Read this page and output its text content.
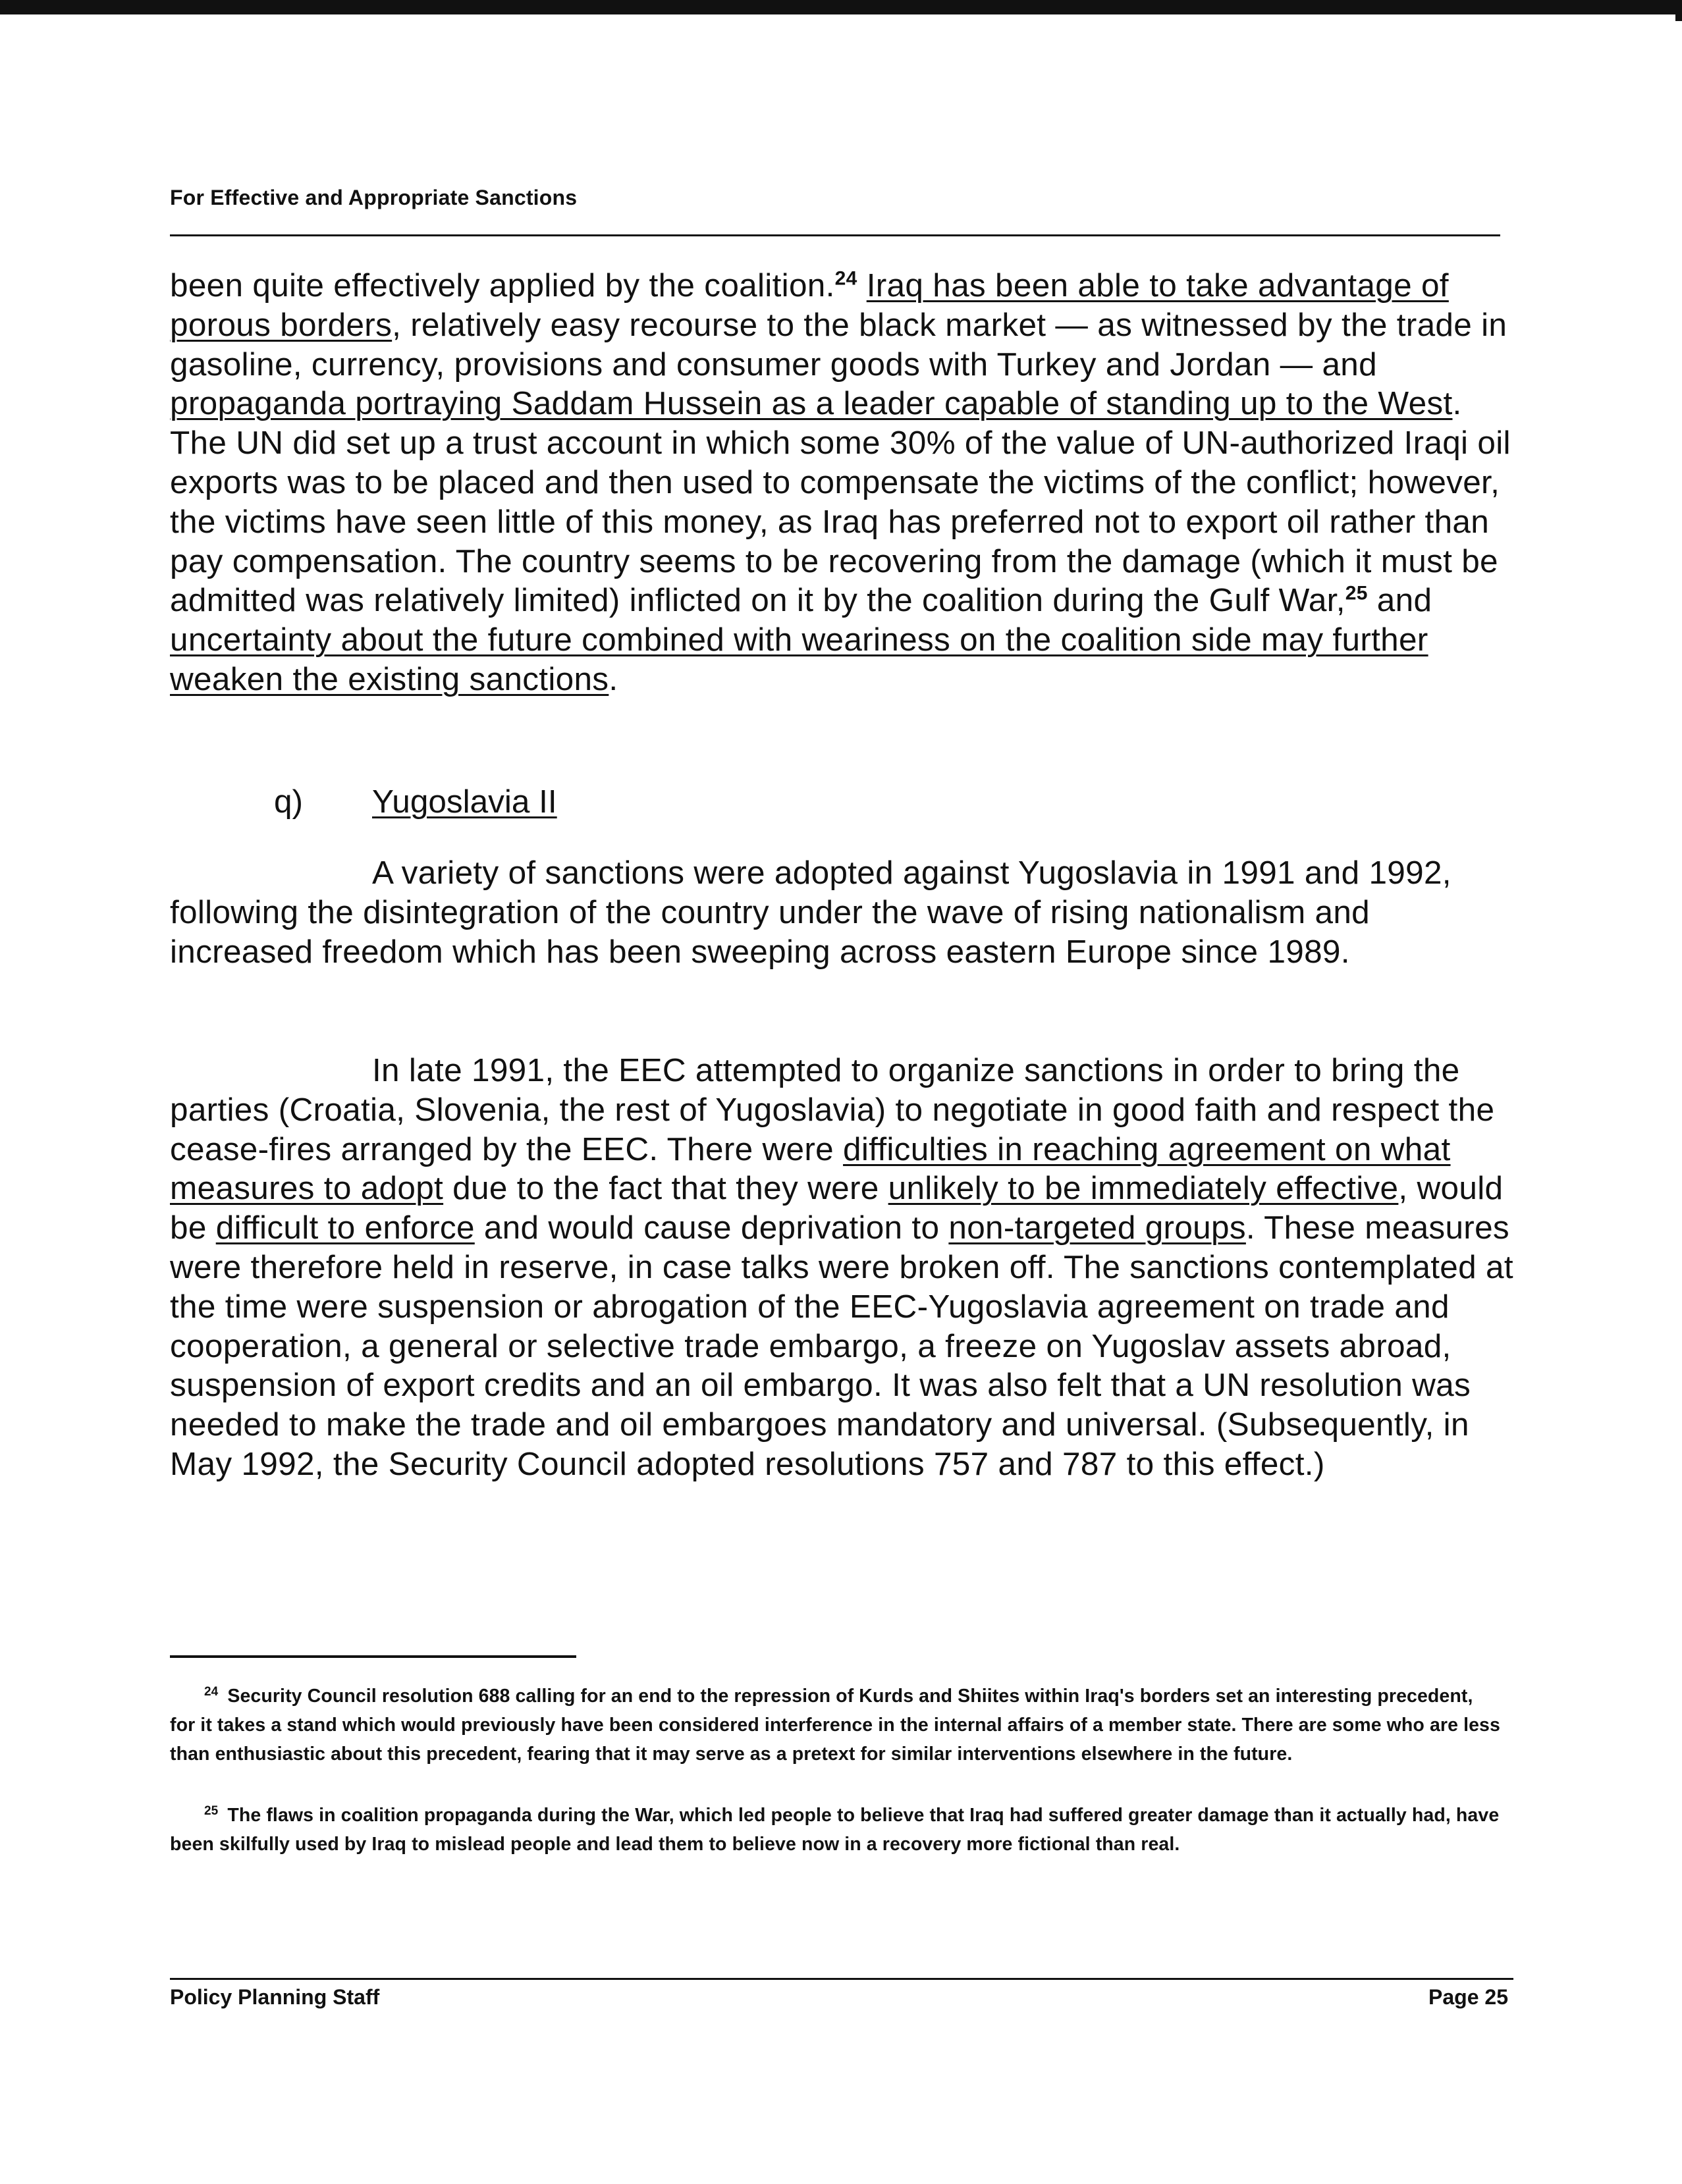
For Effective and Appropriate Sanctions

been quite effectively applied by the coalition.$^{24}$ Iraq has been able to take advantage of porous borders, relatively easy recourse to the black market — as witnessed by the trade in gasoline, currency, provisions and consumer goods with Turkey and Jordan — and propaganda portraying Saddam Hussein as a leader capable of standing up to the West. The UN did set up a trust account in which some 30% of the value of UN-authorized Iraqi oil exports was to be placed and then used to compensate the victims of the conflict; however, the victims have seen little of this money, as Iraq has preferred not to export oil rather than pay compensation. The country seems to be recovering from the damage (which it must be admitted was relatively limited) inflicted on it by the coalition during the Gulf War,$^{25}$ and uncertainty about the future combined with weariness on the coalition side may further weaken the existing sanctions.

q) Yugoslavia II

A variety of sanctions were adopted against Yugoslavia in 1991 and 1992, following the disintegration of the country under the wave of rising nationalism and increased freedom which has been sweeping across eastern Europe since 1989.

In late 1991, the EEC attempted to organize sanctions in order to bring the parties (Croatia, Slovenia, the rest of Yugoslavia) to negotiate in good faith and respect the cease-fires arranged by the EEC. There were difficulties in reaching agreement on what measures to adopt due to the fact that they were unlikely to be immediately effective, would be difficult to enforce and would cause deprivation to non-targeted groups. These measures were therefore held in reserve, in case talks were broken off. The sanctions contemplated at the time were suspension or abrogation of the EEC-Yugoslavia agreement on trade and cooperation, a general or selective trade embargo, a freeze on Yugoslav assets abroad, suspension of export credits and an oil embargo. It was also felt that a UN resolution was needed to make the trade and oil embargoes mandatory and universal. (Subsequently, in May 1992, the Security Council adopted resolutions 757 and 787 to this effect.)

$^{24}$ Security Council resolution 688 calling for an end to the repression of Kurds and Shiites within Iraq's borders set an interesting precedent, for it takes a stand which would previously have been considered interference in the internal affairs of a member state. There are some who are less than enthusiastic about this precedent, fearing that it may serve as a pretext for similar interventions elsewhere in the future.

$^{25}$ The flaws in coalition propaganda during the War, which led people to believe that Iraq had suffered greater damage than it actually had, have been skilfully used by Iraq to mislead people and lead them to believe now in a recovery more fictional than real.

Policy Planning Staff	Page 25
